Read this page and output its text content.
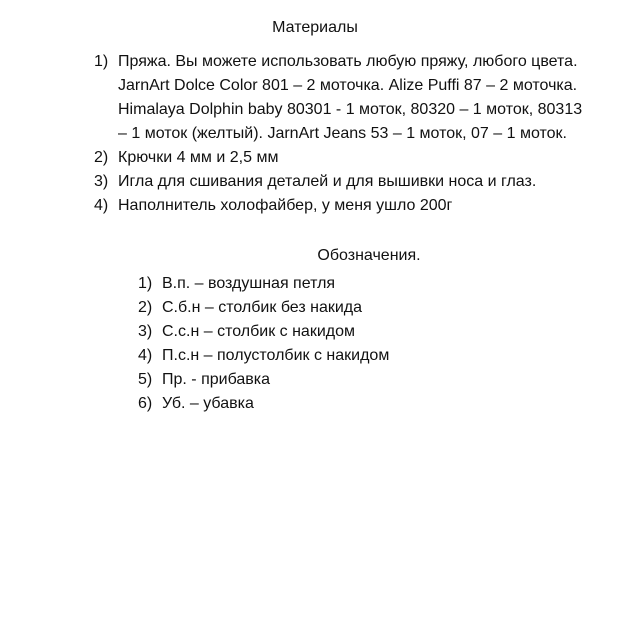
Материалы
1) Пряжа. Вы можете использовать любую пряжу, любого цвета.
JarnArt Dolce Color 801 – 2 моточка. Alize Puffi 87 – 2 моточка.
Himalaya Dolphin baby 80301 - 1 моток, 80320 – 1 моток, 80313
– 1 моток (желтый). JarnArt Jeans 53 – 1 моток, 07 – 1 моток.
2) Крючки 4 мм и 2,5 мм
3) Игла для сшивания деталей и для вышивки носа и глаз.
4) Наполнитель холофайбер, у меня ушло 200г
Обозначения.
1) В.п. – воздушная петля
2) С.б.н – столбик без накида
3) С.с.н – столбик с накидом
4) П.с.н – полустолбик с накидом
5) Пр. - прибавка
6) Уб. – убавка
